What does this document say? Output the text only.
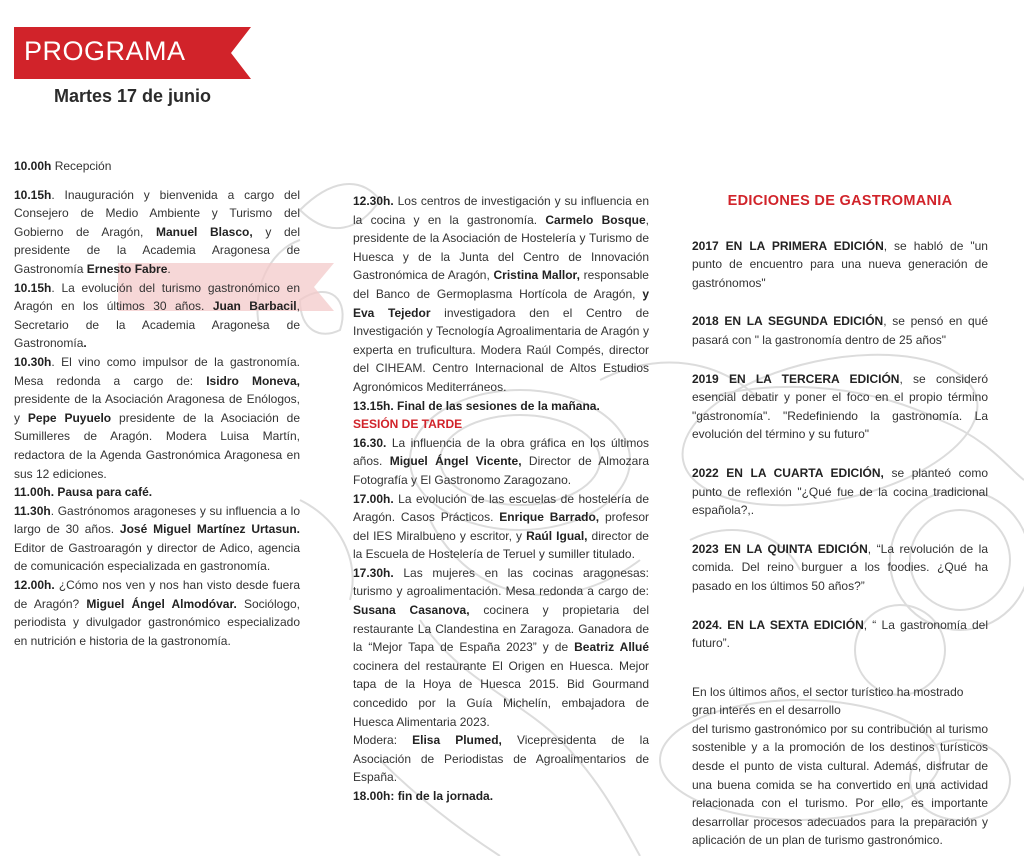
PROGRAMA
Martes 17 de junio

10.00h Recepción

10.15h. Inauguración y bienvenida a cargo del Consejero de Medio Ambiente y Turismo del Gobierno de Aragón, Manuel Blasco, y del presidente de la Academia Aragonesa de Gastronomía Ernesto Fabre.

10.15h. La evolución del turismo gastronómico en Aragón en los últimos 30 años. Juan Barbacil, Secretario de la Academia Aragonesa de Gastronomía.

10.30h. El vino como impulsor de la gastronomía. Mesa redonda a cargo de: Isidro Moneva, presidente de la Asociación Aragonesa de Enólogos, y Pepe Puyuelo presidente de la Asociación de Sumilleres de Aragón. Modera Luisa Martín, redactora de la Agenda Gastronómica Aragonesa en sus 12 ediciones.

11.00h. Pausa para café.

11.30h. Gastrónomos aragoneses y su influencia a lo largo de 30 años. José Miguel Martínez Urtasun. Editor de Gastroaragón y director de Adico, agencia de comunicación especializada en gastronomía.

12.00h. ¿Cómo nos ven y nos han visto desde fuera de Aragón? Miguel Ángel Almodóvar. Sociólogo, periodista y divulgador gastronómico especializado en nutrición e historia de la gastronomía.

12.30h. Los centros de investigación y su influencia en la cocina y en la gastronomía. Carmelo Bosque, presidente de la Asociación de Hostelería y Turismo de Huesca y de la Junta del Centro de Innovación Gastronómica de Aragón, Cristina Mallor, responsable del Banco de Germoplasma Hortícola de Aragón, y Eva Tejedor investigadora den el Centro de Investigación y Tecnología Agroalimentaria de Aragón y experta en truficultura. Modera Raúl Compés, director del CIHEAM. Centro Internacional de Altos Estudios Agronómicos Mediterráneos.

13.15h. Final de las sesiones de la mañana.

SESIÓN DE TARDE

16.30. La influencia de la obra gráfica en los últimos años. Miguel Ángel Vicente, Director de Almozara Fotografía y El Gastronomo Zaragozano.

17.00h. La evolución de las escuelas de hostelería de Aragón. Casos Prácticos. Enrique Barrado, profesor del IES Miralbueno y escritor, y Raúl Igual, director de la Escuela de Hostelería de Teruel y sumiller titulado.

17.30h. Las mujeres en las cocinas aragonesas: turismo y agroalimentación. Mesa redonda a cargo de: Susana Casanova, cocinera y propietaria del restaurante La Clandestina en Zaragoza. Ganadora de la “Mejor Tapa de España 2023” y de Beatriz Allué cocinera del restaurante El Origen en Huesca. Mejor tapa de la Hoya de Huesca 2015. Bid Gourmand concedido por la Guía Michelín, embajadora de Huesca Alimentaria 2023.

Modera: Elisa Plumed, Vicepresidenta de la Asociación de Periodistas de Agroalimentarios de España.

18.00h: fin de la jornada.

EDICIONES DE GASTROMANIA

2017 EN LA PRIMERA EDICIÓN, se habló de "un punto de encuentro para una nueva generación de gastrónomos"

2018 EN LA SEGUNDA EDICIÓN, se pensó en qué pasará con " la gastronomía dentro de 25 años"

2019 EN LA TERCERA EDICIÓN, se consideró esencial debatir y poner el foco en el propio término "gastronomía". "Redefiniendo la gastronomía. La evolución del término y su futuro"

2022 EN LA CUARTA EDICIÓN, se planteó como punto de reflexión "¿Qué fue de la cocina tradicional española?,.

2023 EN LA QUINTA EDICIÓN, “La revolución de la comida. Del reino burguer a los foodies. ¿Qué ha pasado en los últimos 50 años?”

2024. EN LA SEXTA EDICIÓN, “ La gastronomía del futuro”.

En los últimos años, el sector turístico ha mostrado gran interés en el desarrollo

del turismo gastronómico por su contribución al turismo sostenible y a la promoción de los destinos turísticos desde el punto de vista cultural. Además, disfrutar de una buena comida se ha convertido en una actividad relacionada con el turismo. Por ello, es importante desarrollar procesos adecuados para la preparación y aplicación de un plan de turismo gastronómico.
